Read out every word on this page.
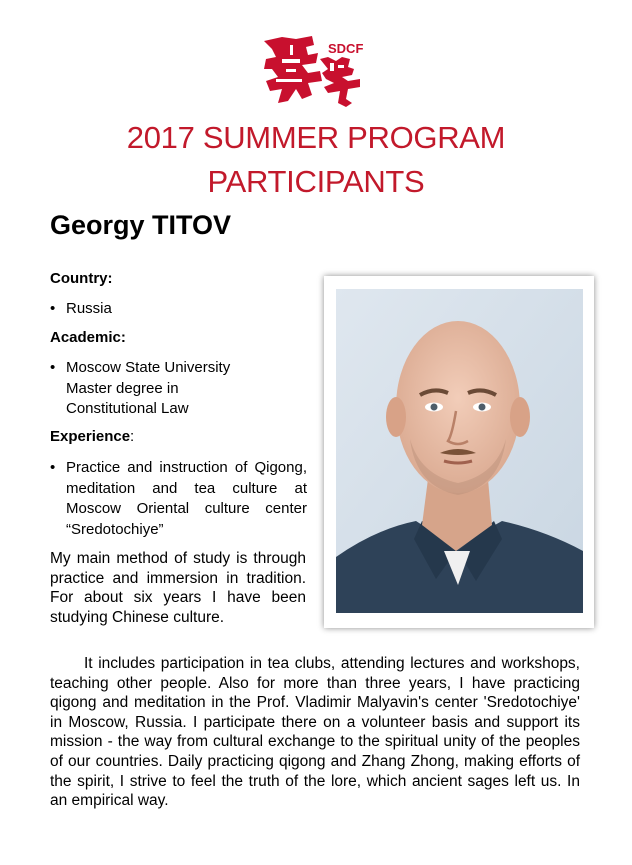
SDCF
2017 SUMMER PROGRAM
PARTICIPANTS
Georgy TITOV
Country:
• Russia
Academic:
• Moscow State University Master degree in Constitutional Law
Experience:
• Practice and instruction of Qigong, meditation and tea culture at Moscow Oriental culture center “Sredotochiye”
My main method of study is through practice and immersion in tradition. For about six years I have been studying Chinese culture.
It includes participation in tea clubs, attending lectures and workshops, teaching other people. Also for more than three years, I have practicing qigong and meditation in the Prof. Vladimir Malyavin's center 'Sredotochiye' in Moscow, Russia. I participate there on a volunteer basis and support its mission - the way from cultural exchange to the spiritual unity of the peoples of our countries. Daily practicing qigong and Zhang Zhong, making efforts of the spirit, I strive to feel the truth of the lore, which ancient sages left us. In an empirical way.
